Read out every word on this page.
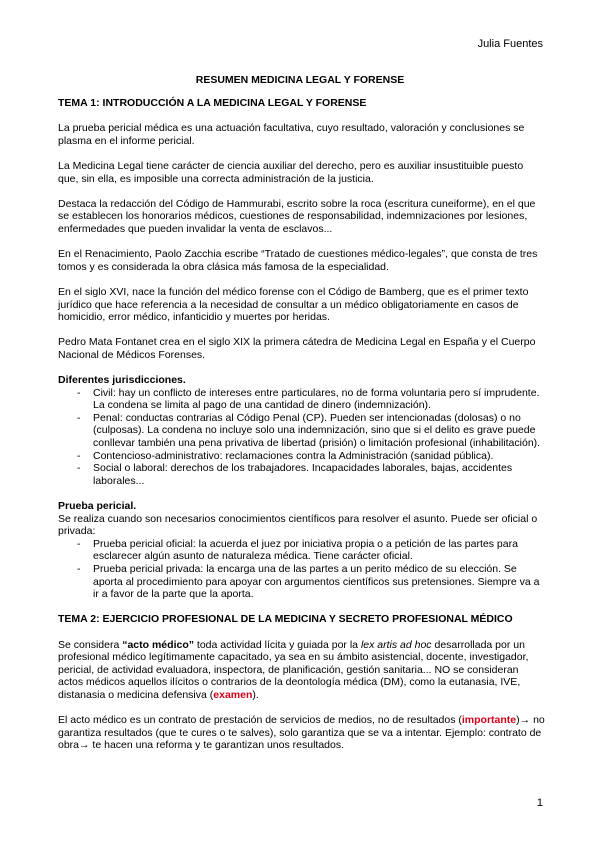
Julia Fuentes
RESUMEN MEDICINA LEGAL Y FORENSE
TEMA 1: INTRODUCCIÓN A LA MEDICINA LEGAL Y FORENSE

La prueba pericial médica es una actuación facultativa, cuyo resultado, valoración y conclusiones se plasma en el informe pericial.

La Medicina Legal tiene carácter de ciencia auxiliar del derecho, pero es auxiliar insustituible puesto que, sin ella, es imposible una correcta administración de la justicia.

Destaca la redacción del Código de Hammurabi, escrito sobre la roca (escritura cuneiforme), en el que se establecen los honorarios médicos, cuestiones de responsabilidad, indemnizaciones por lesiones, enfermedades que pueden invalidar la venta de esclavos...

En el Renacimiento, Paolo Zacchia escribe “Tratado de cuestiones médico-legales”, que consta de tres tomos y es considerada la obra clásica más famosa de la especialidad.

En el siglo XVI, nace la función del médico forense con el Código de Bamberg, que es el primer texto jurídico que hace referencia a la necesidad de consultar a un médico obligatoriamente en casos de homicidio, error médico, infanticidio y muertes por heridas.

Pedro Mata Fontanet crea en el siglo XIX la primera cátedra de Medicina Legal en España y el Cuerpo Nacional de Médicos Forenses.

Diferentes jurisdicciones.
- Civil: hay un conflicto de intereses entre particulares, no de forma voluntaria pero sí imprudente. La condena se limita al pago de una cantidad de dinero (indemnización).
- Penal: conductas contrarias al Código Penal (CP). Pueden ser intencionadas (dolosas) o no (culposas). La condena no incluye solo una indemnización, sino que si el delito es grave puede conllevar también una pena privativa de libertad (prisión) o limitación profesional (inhabilitación).
- Contencioso-administrativo: reclamaciones contra la Administración (sanidad pública).
- Social o laboral: derechos de los trabajadores. Incapacidades laborales, bajas, accidentes laborales...
Prueba pericial.
Se realiza cuando son necesarios conocimientos científicos para resolver el asunto. Puede ser oficial o privada:
- Prueba pericial oficial: la acuerda el juez por iniciativa propia o a petición de las partes para esclarecer algún asunto de naturaleza médica. Tiene carácter oficial.
- Prueba pericial privada: la encarga una de las partes a un perito médico de su elección. Se aporta al procedimiento para apoyar con argumentos científicos sus pretensiones. Siempre va a ir a favor de la parte que la aporta.
TEMA 2: EJERCICIO PROFESIONAL DE LA MEDICINA Y SECRETO PROFESIONAL MÉDICO

Se considera “acto médico” toda actividad lícita y guiada por la lex artis ad hoc desarrollada por un profesional médico legítimamente capacitado, ya sea en su ámbito asistencial, docente, investigador, pericial, de actividad evaluadora, inspectora, de planificación, gestión sanitaria... NO se consideran actos médicos aquellos ilícitos o contrarios de la deontología médica (DM), como la eutanasia, IVE, distanasia o medicina defensiva (examen).

El acto médico es un contrato de prestación de servicios de medios, no de resultados (importante)→ no garantiza resultados (que te cures o te salves), solo garantiza que se va a intentar. Ejemplo: contrato de obra→ te hacen una reforma y te garantizan unos resultados.

1
